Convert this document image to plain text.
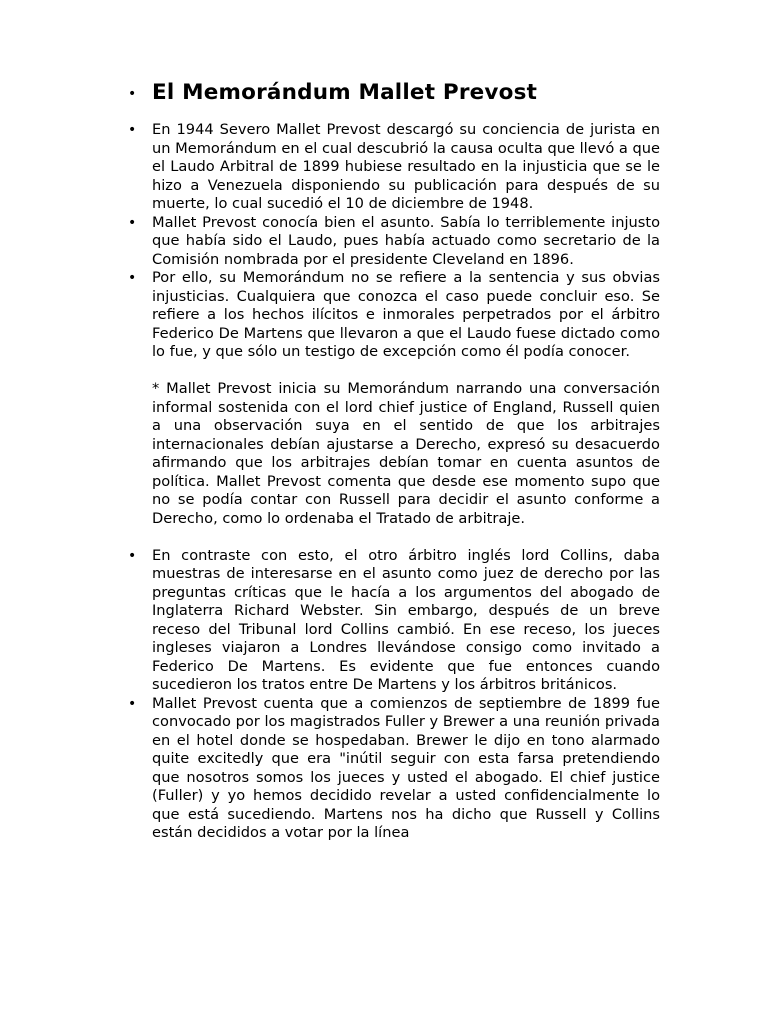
• El Memorándum Mallet Prevost
• En 1944 Severo Mallet Prevost descargó su conciencia de jurista en un Memorándum en el cual descubrió la causa oculta que llevó a que el Laudo Arbitral de 1899 hubiese resultado en la injusticia que se le hizo a Venezuela disponiendo su publicación para después de su muerte, lo cual sucedió el 10 de diciembre de 1948.
• Mallet Prevost conocía bien el asunto. Sabía lo terriblemente injusto que había sido el Laudo, pues había actuado como secretario de la Comisión nombrada por el presidente Cleveland en 1896.
• Por ello, su Memorándum no se refiere a la sentencia y sus obvias injusticias. Cualquiera que conozca el caso puede concluir eso. Se refiere a los hechos ilícitos e inmorales perpetrados por el árbitro Federico De Martens que llevaron a que el Laudo fuese dictado como lo fue, y que sólo un testigo de excepción como él podía conocer.
* Mallet Prevost inicia su Memorándum narrando una conversación informal sostenida con el lord chief justice of England, Russell quien a una observación suya en el sentido de que los arbitrajes internacionales debían ajustarse a Derecho, expresó su desacuerdo afirmando que los arbitrajes debían tomar en cuenta asuntos de política. Mallet Prevost comenta que desde ese momento supo que no se podía contar con Russell para decidir el asunto conforme a Derecho, como lo ordenaba el Tratado de arbitraje.
• En contraste con esto, el otro árbitro inglés lord Collins, daba muestras de interesarse en el asunto como juez de derecho por las preguntas críticas que le hacía a los argumentos del abogado de Inglaterra Richard Webster. Sin embargo, después de un breve receso del Tribunal lord Collins cambió. En ese receso, los jueces ingleses viajaron a Londres llevándose consigo como invitado a Federico De Martens. Es evidente que fue entonces cuando sucedieron los tratos entre De Martens y los árbitros británicos.
• Mallet Prevost cuenta que a comienzos de septiembre de 1899 fue convocado por los magistrados Fuller y Brewer a una reunión privada en el hotel donde se hospedaban. Brewer le dijo en tono alarmado quite excitedly que era "inútil seguir con esta farsa pretendiendo que nosotros somos los jueces y usted el abogado. El chief justice (Fuller) y yo hemos decidido revelar a usted confidencialmente lo que está sucediendo. Martens nos ha dicho que Russell y Collins están decididos a votar por la línea
